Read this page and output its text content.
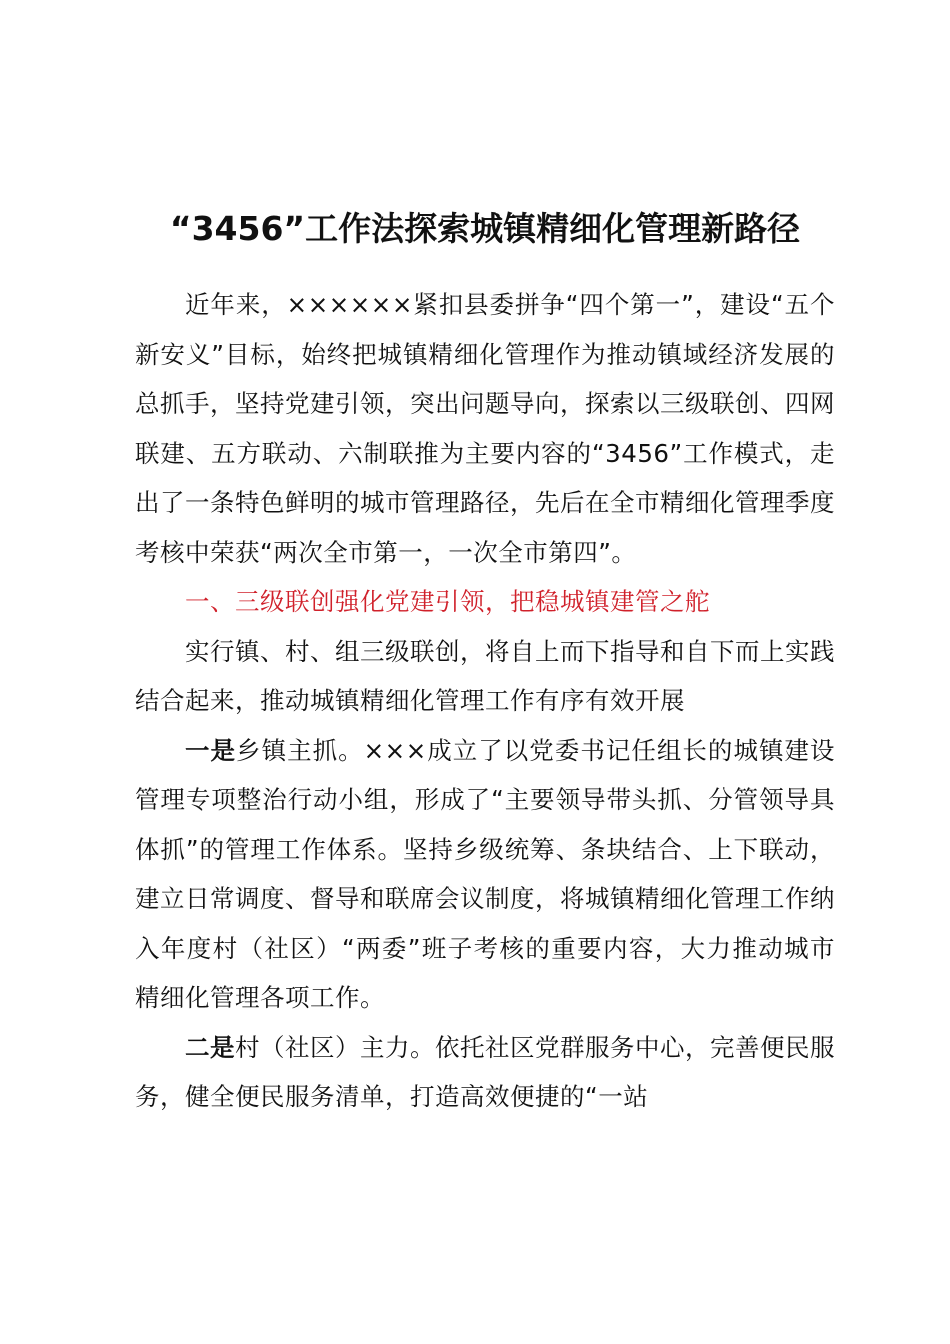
“3456”工作法探索城镇精细化管理新路径

近年来，××××××紧扣县委拼争“四个第一”，建设“五个新安义”目标，始终把城镇精细化管理作为推动镇域经济发展的总抓手，坚持党建引领，突出问题导向，探索以三级联创、四网联建、五方联动、六制联推为主要内容的“3456”工作模式，走出了一条特色鲜明的城市管理路径，先后在全市精细化管理季度考核中荣获“两次全市第一，一次全市第四”。

一、三级联创强化党建引领，把稳城镇建管之舵

实行镇、村、组三级联创，将自上而下指导和自下而上实践结合起来，推动城镇精细化管理工作有序有效开展

一是乡镇主抓。×××成立了以党委书记任组长的城镇建设管理专项整治行动小组，形成了“主要领导带头抓、分管领导具体抓”的管理工作体系。坚持乡级统筹、条块结合、上下联动，建立日常调度、督导和联席会议制度，将城镇精细化管理工作纳入年度村（社区）“两委”班子考核的重要内容，大力推动城市精细化管理各项工作。

二是村（社区）主力。依托社区党群服务中心，完善便民服务，健全便民服务清单，打造高效便捷的“一站
